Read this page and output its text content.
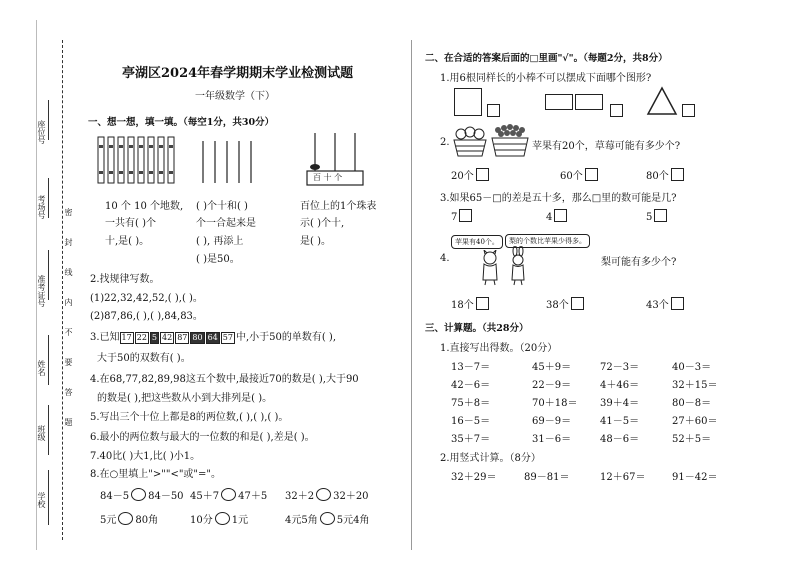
座位号
考场号
准考证号
姓名
班级
学校
密
封
线
内
不
要
答
题
亭湖区2024年春学期期末学业检测试题
一年级数学（下）
一、想一想，填一填。（每空1分，共30分）
百 十 个
10 个 10 个地数,
一共有( )个
十,是( )。
( )个十和( )
个一合起来是
( ), 再添上
( )是50。
百位上的1个珠表
示( )个十,
是( )。
2.找规律写数。
(1)22,32,42,52,( ),( )。
(2)87,86,( ),( ),84,83。
3.已知 17 22 5 42 87 80 64 57 中,小于50的单数有( ),
大于50的双数有( )。
4.在68,77,82,89,98这五个数中,最接近70的数是( ),大于90
的数是( ),把这些数从小到大排列是( )。
5.写出三个十位上都是8的两位数,( ),( ),( )。
6.最小的两位数与最大的一位数的和是( ),差是( )。
7.40比( )大1,比( )小1。
8.在○里填上">""<"或"="。
84－5 84－50 45＋7 47＋5 32＋2 32＋20
5元 80角	10分 1元	4元5角 5元4角
二、在合适的答案后面的□里画"√"。（每题2分，共8分）
1.用6根同样长的小棒不可以摆成下面哪个图形?
2.	苹果有20个，草莓可能有多少个?
20个	60个	80个
3.如果65－□的差是五十多，那么□里的数可能是几?
7	4	5
4.
苹果有40个。	梨的个数比苹果少得多。
梨可能有多少个?
18个	38个	43个
三、计算题。（共28分）
1.直接写出得数。（20分）
13－7＝	45＋9＝	72－3＝	40－3＝
42－6＝	22－9＝	4＋46＝	32＋15＝
75＋8＝	70＋18＝ 39＋4＝	80－8＝
16－5＝	69－9＝	41－5＝	27＋60＝
35＋7＝	31－6＝	48－6＝	52＋5＝
2.用竖式计算。（8分）
32＋29＝	89－81＝	12＋67＝	91－42＝
